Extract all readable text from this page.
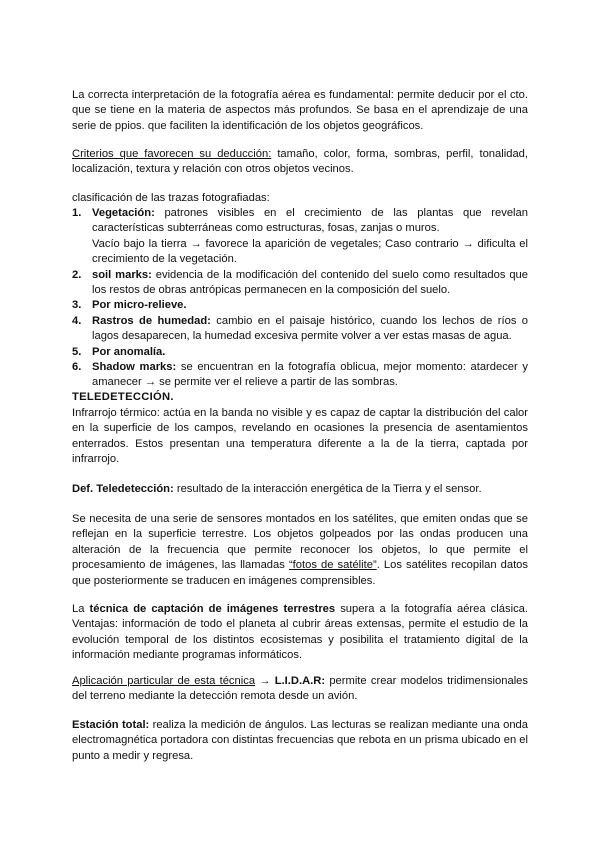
La correcta interpretación de la fotografía aérea es fundamental: permite deducir por el cto. que se tiene en la materia de aspectos más profundos. Se basa en el aprendizaje de una serie de ppios. que faciliten la identificación de los objetos geográficos.

Criterios que favorecen su deducción: tamaño, color, forma, sombras, perfil, tonalidad, localización, textura y relación con otros objetos vecinos.

clasificación de las trazas fotografiadas:

1. Vegetación: patrones visibles en el crecimiento de las plantas que revelan características subterráneas como estructuras, fosas, zanjas o muros.
Vacío bajo la tierra → favorece la aparición de vegetales; Caso contrario → dificulta el crecimiento de la vegetación.
2. soil marks: evidencia de la modificación del contenido del suelo como resultados que los restos de obras antrópicas permanecen en la composición del suelo.
3. Por micro-relieve.
4. Rastros de humedad: cambio en el paisaje histórico, cuando los lechos de ríos o lagos desaparecen, la humedad excesiva permite volver a ver estas masas de agua.
5. Por anomalía.
6. Shadow marks: se encuentran en la fotografía oblicua, mejor momento: atardecer y amanecer → se permite ver el relieve a partir de las sombras.
TELEDETECCIÓN.

Infrarrojo térmico: actúa en la banda no visible y es capaz de captar la distribución del calor en la superficie de los campos, revelando en ocasiones la presencia de asentamientos enterrados. Estos presentan una temperatura diferente a la de la tierra, captada por infrarrojo.

Def. Teledetección: resultado de la interacción energética de la Tierra y el sensor.

Se necesita de una serie de sensores montados en los satélites, que emiten ondas que se reflejan en la superficie terrestre. Los objetos golpeados por las ondas producen una alteración de la frecuencia que permite reconocer los objetos, lo que permite el procesamiento de imágenes, las llamadas “fotos de satélite”. Los satélites recopilan datos que posteriormente se traducen en imágenes comprensibles.

La técnica de captación de imágenes terrestres supera a la fotografía aérea clásica. Ventajas: información de todo el planeta al cubrir áreas extensas, permite el estudio de la evolución temporal de los distintos ecosistemas y posibilita el tratamiento digital de la información mediante programas informáticos.

Aplicación particular de esta técnica → L.I.D.A.R: permite crear modelos tridimensionales del terreno mediante la detección remota desde un avión.

Estación total: realiza la medición de ángulos. Las lecturas se realizan mediante una onda electromagnética portadora con distintas frecuencias que rebota en un prisma ubicado en el punto a medir y regresa.
